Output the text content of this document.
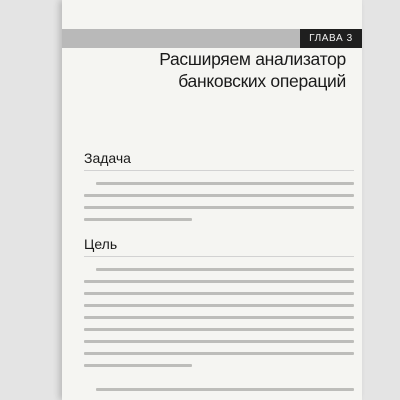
ГЛАВА 3
Расширяем анализатор
банковских операций
Задача
Цель
